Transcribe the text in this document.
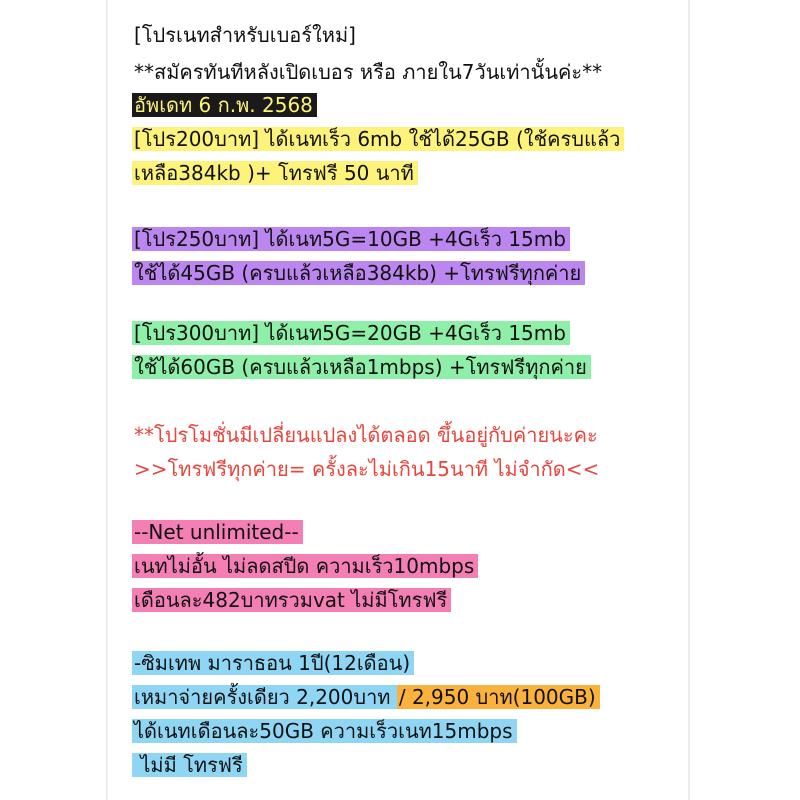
[โปรเนทสำหรับเบอร์ใหม่]
**สมัครทันทีหลังเปิดเบอร หรือ ภายใน7วันเท่านั้นค่ะ**
อัพเดท 6 ก.พ. 2568
[โปร200บาท] ได้เนทเร็ว 6mb ใช้ได้25GB (ใช้ครบแล้ว
เหลือ384kb )+ โทรฟรี 50 นาที
[โปร250บาท] ได้เนท5G=10GB +4Gเร็ว 15mb
ใช้ได้45GB (ครบแล้วเหลือ384kb) +โทรฟรีทุกค่าย
[โปร300บาท] ได้เนท5G=20GB +4Gเร็ว 15mb
ใช้ได้60GB (ครบแล้วเหลือ1mbps) +โทรฟรีทุกค่าย
**โปรโมชั่นมีเปลี่ยนแปลงได้ตลอด ขึ้นอยู่กับค่ายนะคะ
>>โทรฟรีทุกค่าย= ครั้งละไม่เกิน15นาที ไม่จำกัด<<
--Net unlimited--
เนทไม่อั้น ไม่ลดสปีด ความเร็ว10mbps
เดือนละ482บาทรวมvat ไม่มีโทรฟรี
-ซิมเทพ มาราธอน 1ปี(12เดือน)
เหมาจ่ายครั้งเดียว 2,200บาท / 2,950 บาท(100GB)
ได้เนทเดือนละ50GB ความเร็วเนท15mbps
ไม่มี โทรฟรี
